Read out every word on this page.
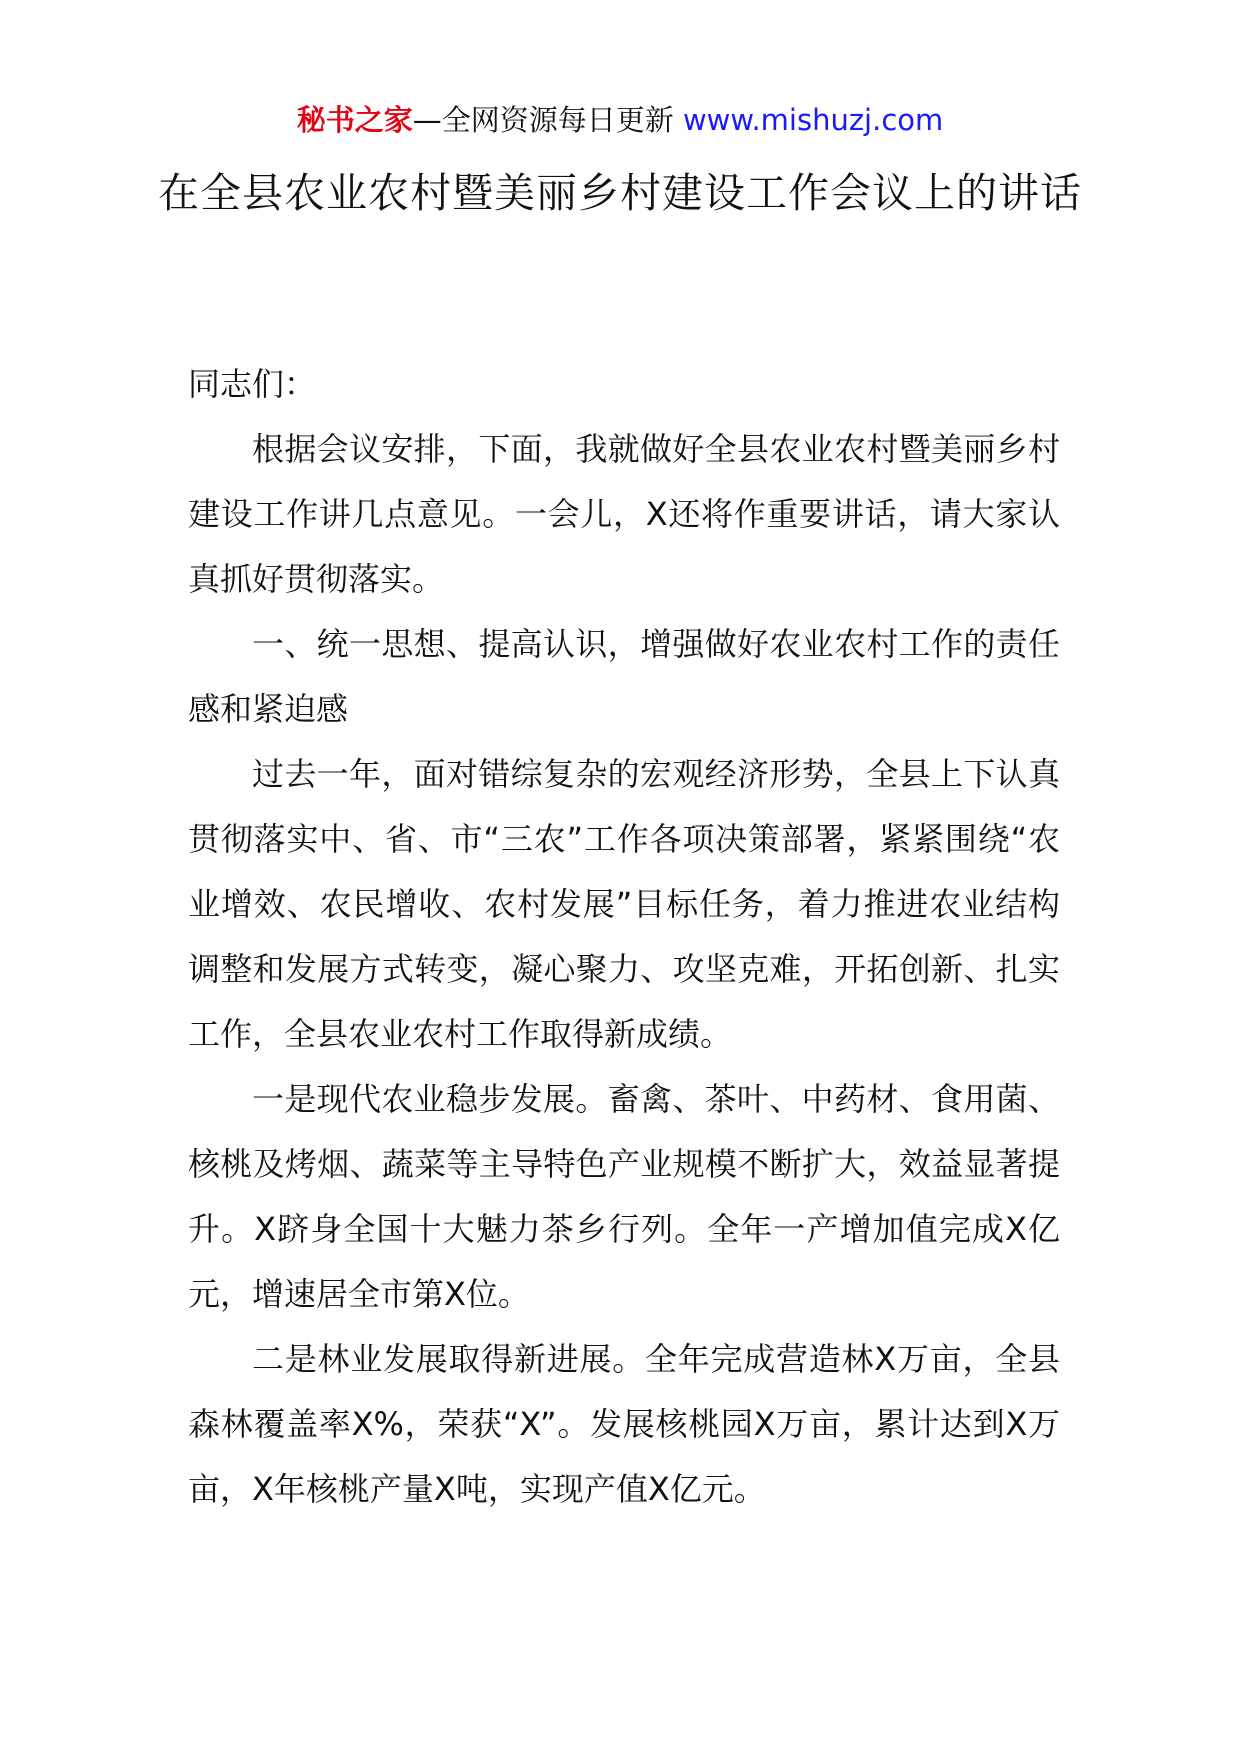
秘书之家—全网资源每日更新 www.mishuzj.com
在全县农业农村暨美丽乡村建设工作会议上的讲话

同志们：

根据会议安排，下面，我就做好全县农业农村暨美丽乡村建设工作讲几点意见。一会儿，X还将作重要讲话，请大家认真抓好贯彻落实。

一、统一思想、提高认识，增强做好农业农村工作的责任感和紧迫感

过去一年，面对错综复杂的宏观经济形势，全县上下认真贯彻落实中、省、市“三农”工作各项决策部署，紧紧围绕“农业增效、农民增收、农村发展”目标任务，着力推进农业结构调整和发展方式转变，凝心聚力、攻坚克难，开拓创新、扎实工作，全县农业农村工作取得新成绩。

一是现代农业稳步发展。畜禽、茶叶、中药材、食用菌、核桃及烤烟、蔬菜等主导特色产业规模不断扩大，效益显著提升。X跻身全国十大魅力茶乡行列。全年一产增加值完成X亿元，增速居全市第X位。

二是林业发展取得新进展。全年完成营造林X万亩，全县森林覆盖率X%，荣获“X”。发展核桃园X万亩，累计达到X万亩，X年核桃产量X吨，实现产值X亿元。
